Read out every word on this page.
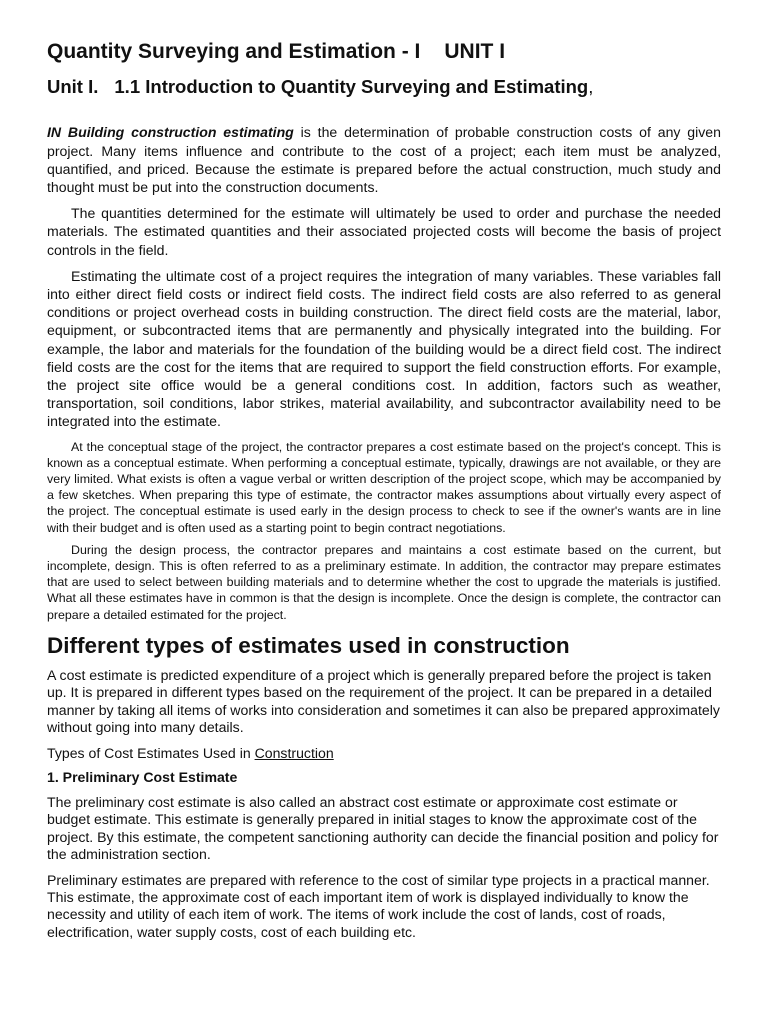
Quantity Surveying and Estimation - I UNIT I
Unit I. 1.1 Introduction to Quantity Surveying and Estimating,

IN Building construction estimating is the determination of probable construction costs of any given project. Many items influence and contribute to the cost of a project; each item must be analyzed, quantified, and priced. Because the estimate is prepared before the actual construction, much study and thought must be put into the construction documents.

The quantities determined for the estimate will ultimately be used to order and purchase the needed materials. The estimated quantities and their associated projected costs will become the basis of project controls in the field.

Estimating the ultimate cost of a project requires the integration of many variables. These variables fall into either direct field costs or indirect field costs. The indirect field costs are also referred to as general conditions or project overhead costs in building construction. The direct field costs are the material, labor, equipment, or subcontracted items that are permanently and physically integrated into the building. For example, the labor and materials for the foundation of the building would be a direct field cost. The indirect field costs are the cost for the items that are required to support the field construction efforts. For example, the project site office would be a general conditions cost. In addition, factors such as weather, transportation, soil conditions, labor strikes, material availability, and subcontractor availability need to be integrated into the estimate.

At the conceptual stage of the project, the contractor prepares a cost estimate based on the project's concept. This is known as a conceptual estimate. When performing a conceptual estimate, typically, drawings are not available, or they are very limited. What exists is often a vague verbal or written description of the project scope, which may be accompanied by a few sketches. When preparing this type of estimate, the contractor makes assumptions about virtually every aspect of the project. The conceptual estimate is used early in the design process to check to see if the owner's wants are in line with their budget and is often used as a starting point to begin contract negotiations.

During the design process, the contractor prepares and maintains a cost estimate based on the current, but incomplete, design. This is often referred to as a preliminary estimate. In addition, the contractor may prepare estimates that are used to select between building materials and to determine whether the cost to upgrade the materials is justified. What all these estimates have in common is that the design is incomplete. Once the design is complete, the contractor can prepare a detailed estimated for the project.

Different types of estimates used in construction

A cost estimate is predicted expenditure of a project which is generally prepared before the project is taken up. It is prepared in different types based on the requirement of the project. It can be prepared in a detailed manner by taking all items of works into consideration and sometimes it can also be prepared approximately without going into many details.

Types of Cost Estimates Used in Construction

1. Preliminary Cost Estimate

The preliminary cost estimate is also called an abstract cost estimate or approximate cost estimate or budget estimate. This estimate is generally prepared in initial stages to know the approximate cost of the project. By this estimate, the competent sanctioning authority can decide the financial position and policy for the administration section.

Preliminary estimates are prepared with reference to the cost of similar type projects in a practical manner. This estimate, the approximate cost of each important item of work is displayed individually to know the necessity and utility of each item of work. The items of work include the cost of lands, cost of roads, electrification, water supply costs, cost of each building etc.
